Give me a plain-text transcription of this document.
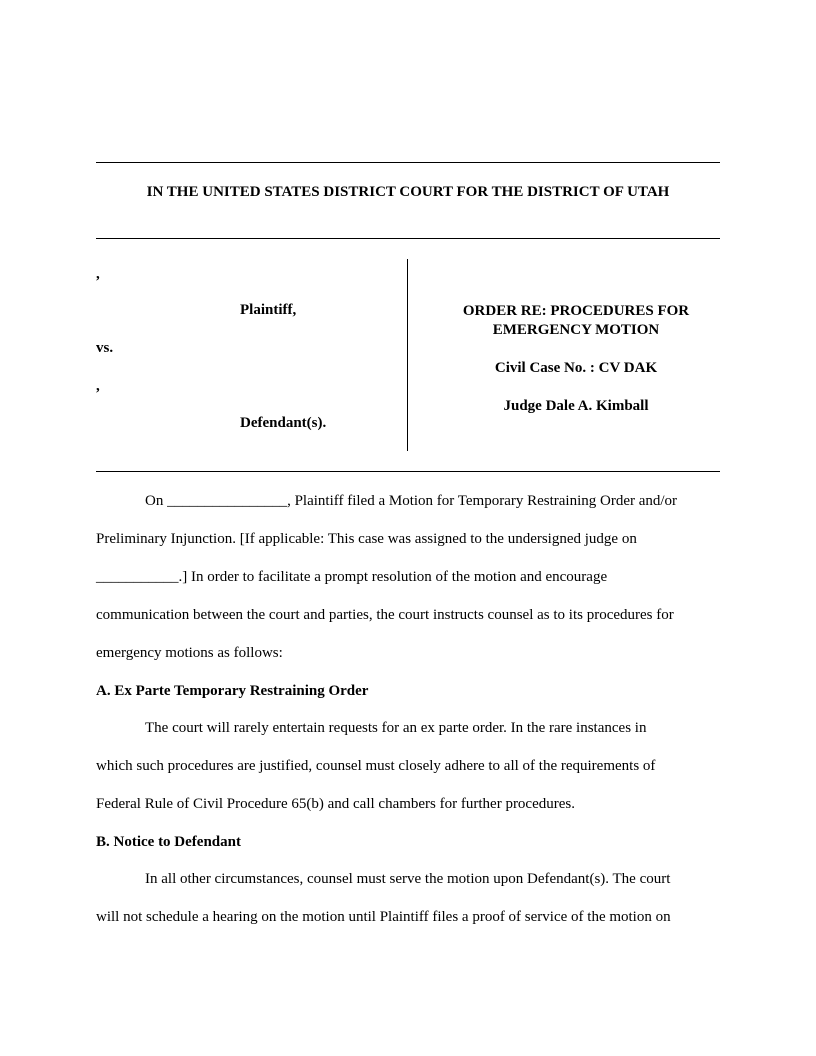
IN THE UNITED STATES DISTRICT COURT FOR THE DISTRICT OF UTAH
,
Plaintiff,
vs.
,
Defendant(s).
ORDER RE: PROCEDURES FOR
EMERGENCY MOTION
Civil Case No. : CV DAK
Judge Dale A. Kimball
On ________________, Plaintiff filed a Motion for Temporary Restraining Order and/or
Preliminary Injunction. [If applicable: This case was assigned to the undersigned judge on
___________.] In order to facilitate a prompt resolution of the motion and encourage
communication between the court and parties, the court instructs counsel as to its procedures for
emergency motions as follows:
A. Ex Parte Temporary Restraining Order
The court will rarely entertain requests for an ex parte order. In the rare instances in
which such procedures are justified, counsel must closely adhere to all of the requirements of
Federal Rule of Civil Procedure 65(b) and call chambers for further procedures.
B. Notice to Defendant
In all other circumstances, counsel must serve the motion upon Defendant(s). The court
will not schedule a hearing on the motion until Plaintiff files a proof of service of the motion on
